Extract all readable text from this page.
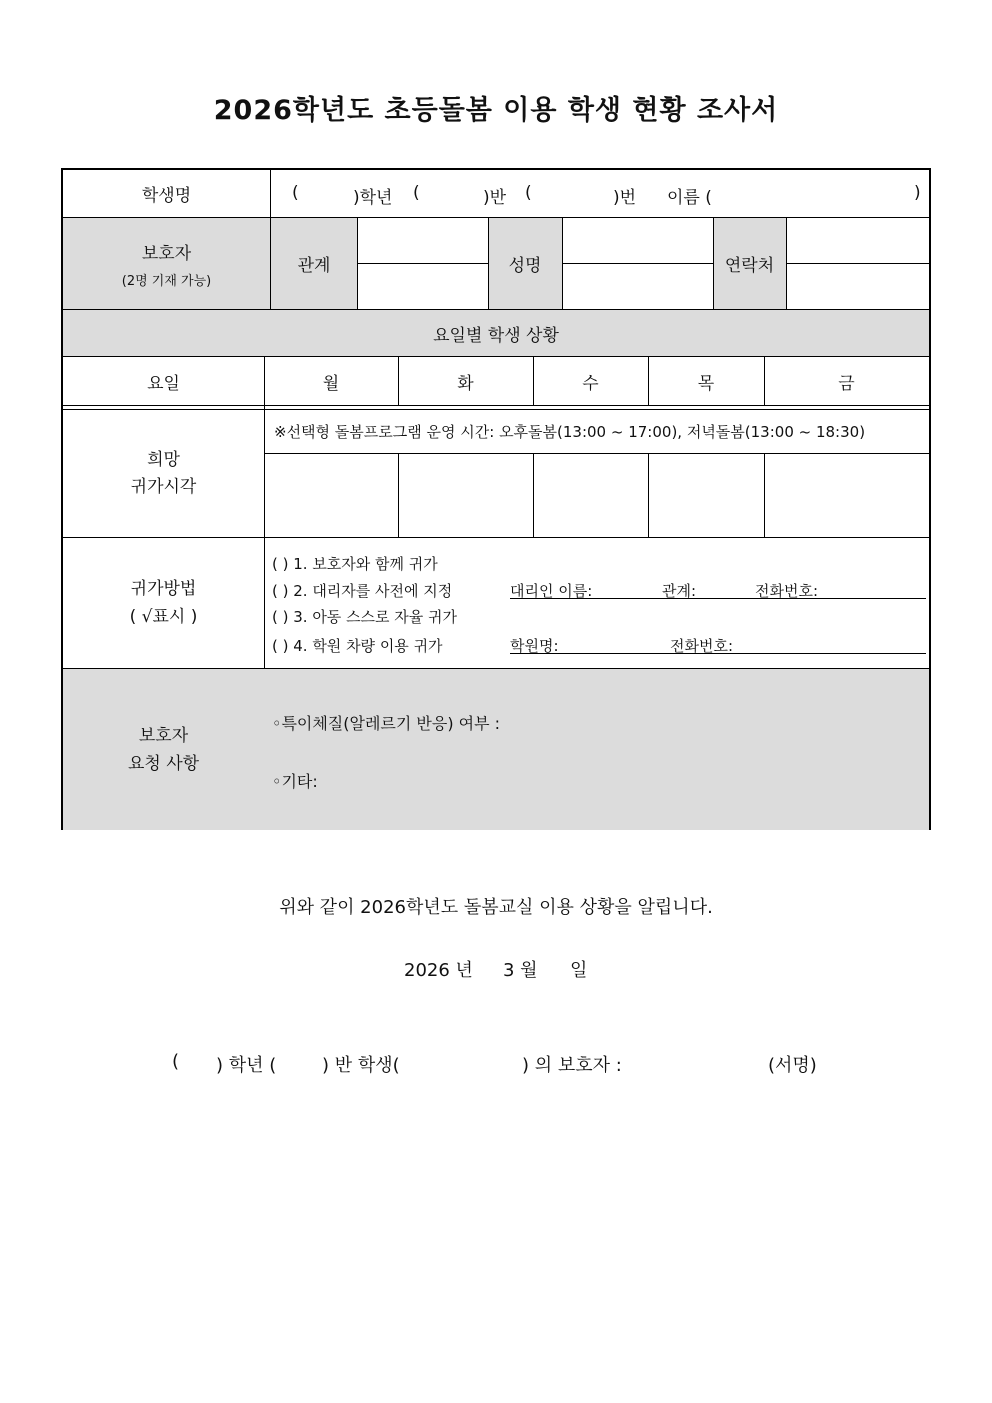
2026학년도 초등돌봄 이용 학생 현황 조사서
학생명	(	)학년 (	)반 (	)번 이름 (	)
보호자
(2명 기재 가능)
관계	성명	연락처
요일별 학생 상황
요일	월	화	수	목	금
희망
귀가시각
※선택형 돌봄프로그램 운영 시간: 오후돌봄(13:00 ~ 17:00), 저녁돌봄(13:00 ~ 18:30)
귀가방법
( √표시 )
( ) 1. 보호자와 함께 귀가
( ) 2. 대리자를 사전에 지정
( ) 3. 아동 스스로 자율 귀가
( ) 4. 학원 차량 이용 귀가
대리인 이름:	관계:	전화번호:
학원명:	전화번호:
보호자
요청 사항
◦특이체질(알레르기 반응) 여부 :
◦기타:
위와 같이 2026학년도 돌봄교실 이용 상황을 알립니다.
2026 년 3 월 일
( ) 학년 (	) 반 학생(	) 의 보호자 :	(서명)
